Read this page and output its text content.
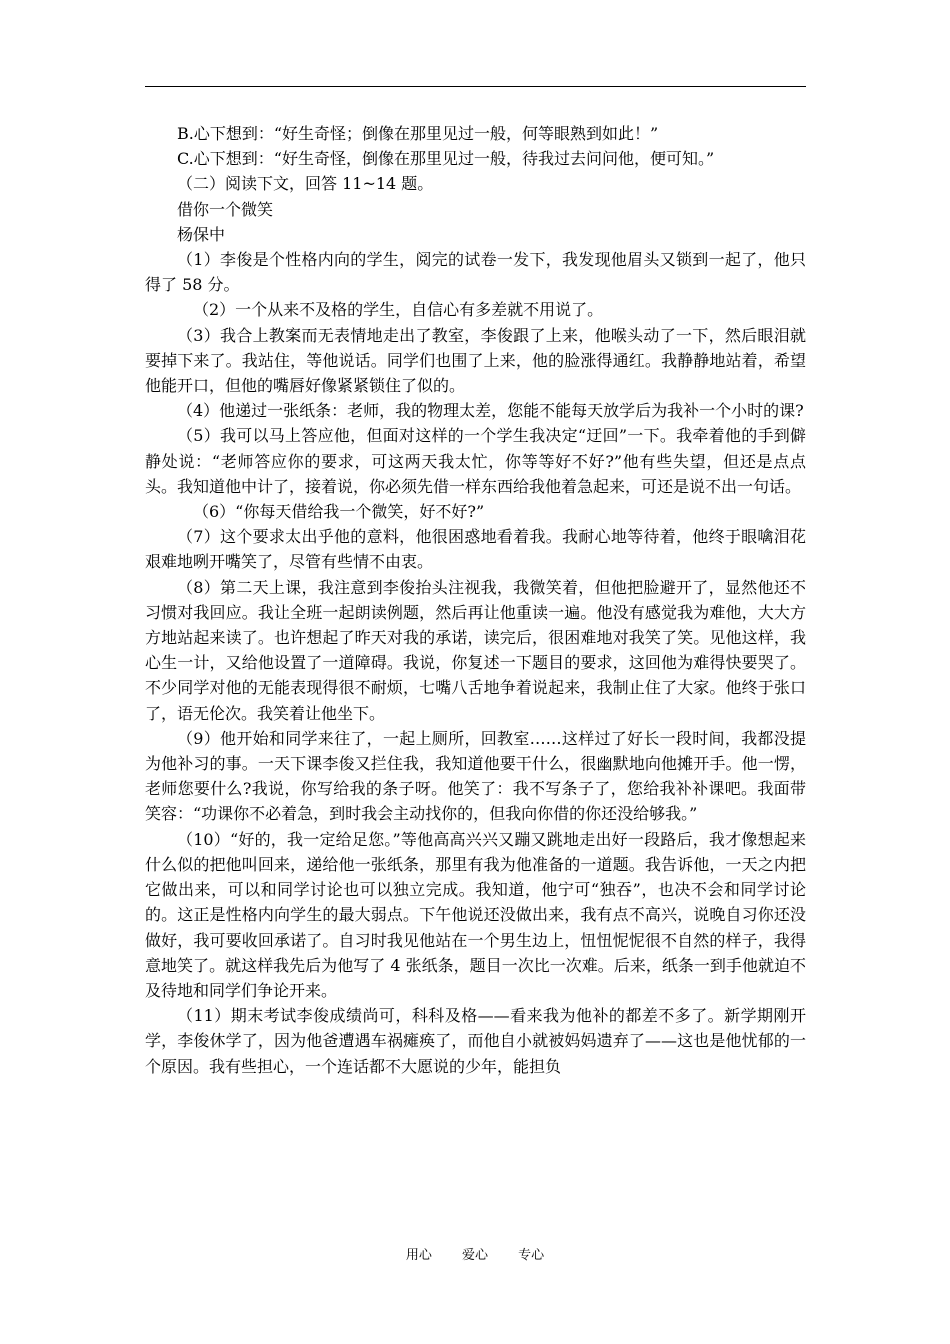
B.心下想到：“好生奇怪；倒像在那里见过一般，何等眼熟到如此！”

C.心下想到：“好生奇怪，倒像在那里见过一般，待我过去问问他，便可知。”

（二）阅读下文，回答 11~14 题。

借你一个微笑

杨保中

（1）李俊是个性格内向的学生，阅完的试卷一发下，我发现他眉头又锁到一起了，他只得了 58 分。

（2）一个从来不及格的学生，自信心有多差就不用说了。

（3）我合上教案而无表情地走出了教室，李俊跟了上来，他喉头动了一下，然后眼泪就要掉下来了。我站住，等他说话。同学们也围了上来，他的脸涨得通红。我静静地站着，希望他能开口，但他的嘴唇好像紧紧锁住了似的。

（4）他递过一张纸条：老师，我的物理太差，您能不能每天放学后为我补一个小时的课?

（5）我可以马上答应他，但面对这样的一个学生我决定“迂回”一下。我牵着他的手到僻静处说：“老师答应你的要求，可这两天我太忙，你等等好不好?”他有些失望，但还是点点头。我知道他中计了，接着说，你必须先借一样东西给我他着急起来，可还是说不出一句话。

（6）“你每天借给我一个微笑，好不好?”

（7）这个要求太出乎他的意料，他很困惑地看着我。我耐心地等待着，他终于眼噙泪花艰难地咧开嘴笑了，尽管有些情不由衷。

（8）第二天上课，我注意到李俊抬头注视我，我微笑着，但他把脸避开了，显然他还不习惯对我回应。我让全班一起朗读例题，然后再让他重读一遍。他没有感觉我为难他，大大方方地站起来读了。也许想起了昨天对我的承诺，读完后，很困难地对我笑了笑。见他这样，我心生一计，又给他设置了一道障碍。我说，你复述一下题目的要求，这回他为难得快要哭了。不少同学对他的无能表现得很不耐烦，七嘴八舌地争着说起来，我制止住了大家。他终于张口了，语无伦次。我笑着让他坐下。

（9）他开始和同学来往了，一起上厕所，回教室……这样过了好长一段时间，我都没提为他补习的事。一天下课李俊又拦住我，我知道他要干什么，很幽默地向他摊开手。他一愣，老师您要什么?我说，你写给我的条子呀。他笑了：我不写条子了，您给我补补课吧。我面带笑容：“功课你不必着急，到时我会主动找你的，但我向你借的你还没给够我。”

（10）“好的，我一定给足您。”等他高高兴兴又蹦又跳地走出好一段路后，我才像想起来什么似的把他叫回来，递给他一张纸条，那里有我为他准备的一道题。我告诉他，一天之内把它做出来，可以和同学讨论也可以独立完成。我知道，他宁可“独吞”，也决不会和同学讨论的。这正是性格内向学生的最大弱点。下午他说还没做出来，我有点不高兴，说晚自习你还没做好，我可要收回承诺了。自习时我见他站在一个男生边上，忸忸怩怩很不自然的样子，我得意地笑了。就这样我先后为他写了 4 张纸条，题目一次比一次难。后来，纸条一到手他就迫不及待地和同学们争论开来。

（11）期末考试李俊成绩尚可，科科及格——看来我为他补的都差不多了。新学期刚开学，李俊休学了，因为他爸遭遇车祸瘫痪了，而他自小就被妈妈遗弃了——这也是他忧郁的一个原因。我有些担心，一个连话都不大愿说的少年，能担负

用心 爱心 专心
